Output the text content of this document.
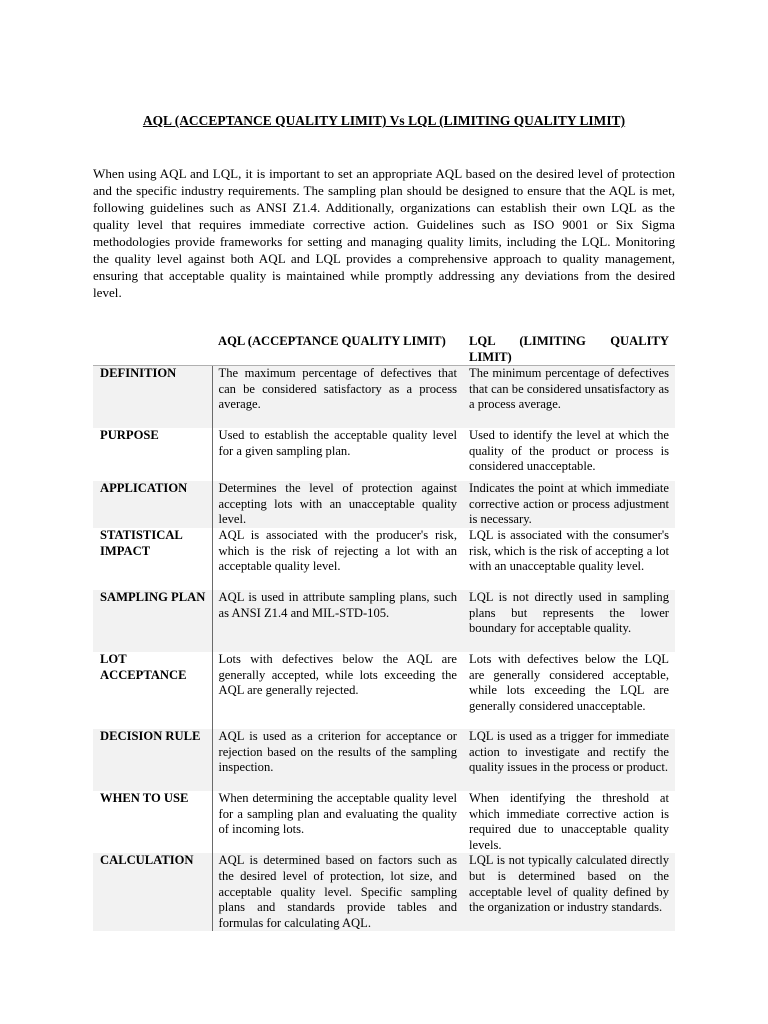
AQL (ACCEPTANCE QUALITY LIMIT) Vs LQL (LIMITING QUALITY LIMIT)
When using AQL and LQL, it is important to set an appropriate AQL based on the desired level of protection and the specific industry requirements. The sampling plan should be designed to ensure that the AQL is met, following guidelines such as ANSI Z1.4. Additionally, organizations can establish their own LQL as the quality level that requires immediate corrective action. Guidelines such as ISO 9001 or Six Sigma methodologies provide frameworks for setting and managing quality limits, including the LQL. Monitoring the quality level against both AQL and LQL provides a comprehensive approach to quality management, ensuring that acceptable quality is maintained while promptly addressing any deviations from the desired level.
	AQL (ACCEPTANCE QUALITY LIMIT)	LQL (LIMITING QUALITY LIMIT)
DEFINITION	The maximum percentage of defectives that can be considered satisfactory as a process average.	The minimum percentage of defectives that can be considered unsatisfactory as a process average.
PURPOSE	Used to establish the acceptable quality level for a given sampling plan.	Used to identify the level at which the quality of the product or process is considered unacceptable.
APPLICATION	Determines the level of protection against accepting lots with an unacceptable quality level.	Indicates the point at which immediate corrective action or process adjustment is necessary.
STATISTICAL IMPACT	AQL is associated with the producer's risk, which is the risk of rejecting a lot with an acceptable quality level.	LQL is associated with the consumer's risk, which is the risk of accepting a lot with an unacceptable quality level.
SAMPLING PLAN	AQL is used in attribute sampling plans, such as ANSI Z1.4 and MIL-STD-105.	LQL is not directly used in sampling plans but represents the lower boundary for acceptable quality.
LOT ACCEPTANCE	Lots with defectives below the AQL are generally accepted, while lots exceeding the AQL are generally rejected.	Lots with defectives below the LQL are generally considered acceptable, while lots exceeding the LQL are generally considered unacceptable.
DECISION RULE	AQL is used as a criterion for acceptance or rejection based on the results of the sampling inspection.	LQL is used as a trigger for immediate action to investigate and rectify the quality issues in the process or product.
WHEN TO USE	When determining the acceptable quality level for a sampling plan and evaluating the quality of incoming lots.	When identifying the threshold at which immediate corrective action is required due to unacceptable quality levels.
CALCULATION	AQL is determined based on factors such as the desired level of protection, lot size, and acceptable quality level. Specific sampling plans and standards provide tables and formulas for calculating AQL.	LQL is not typically calculated directly but is determined based on the acceptable level of quality defined by the organization or industry standards.
